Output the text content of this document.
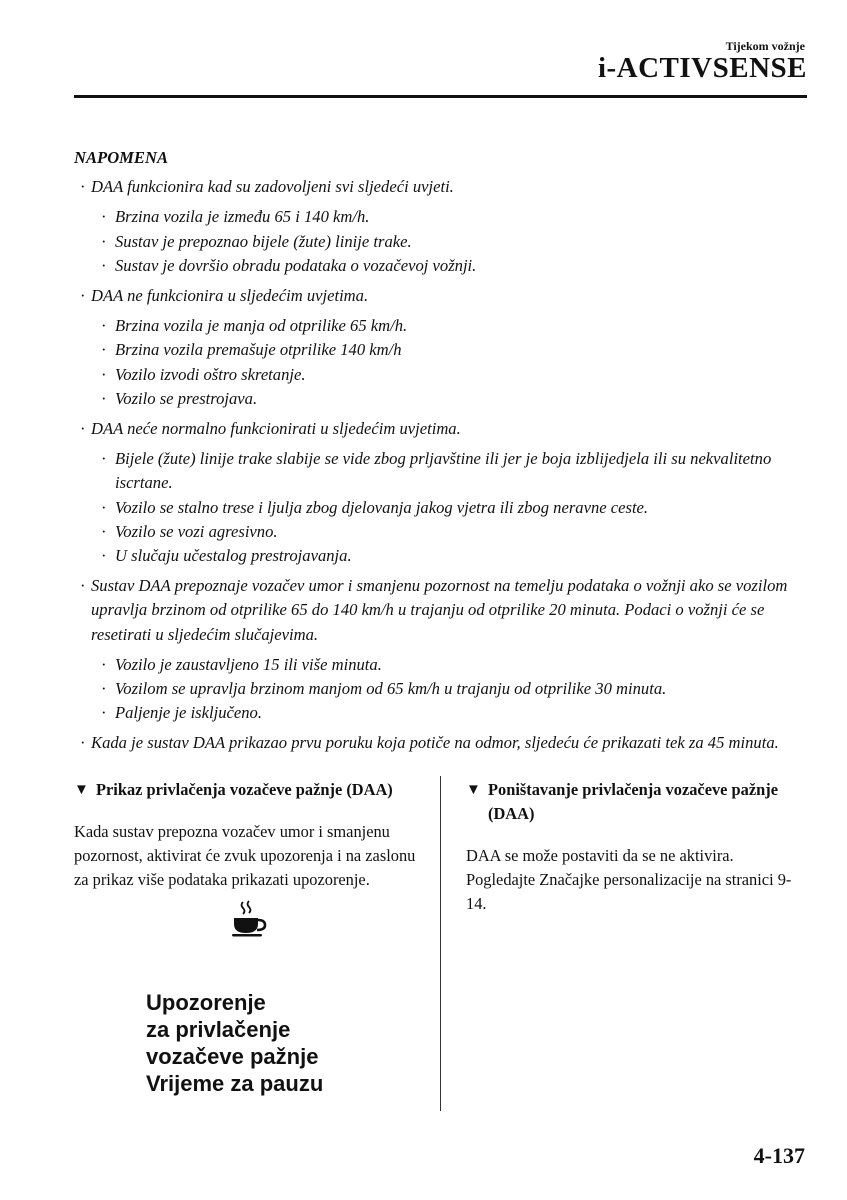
Tijekom vožnje
i-ACTIVSENSE
NAPOMENA
· DAA funkcionira kad su zadovoljeni svi sljedeći uvjeti.
· Brzina vozila je između 65 i 140 km/h.
· Sustav je prepoznao bijele (žute) linije trake.
· Sustav je dovršio obradu podataka o vozačevoj vožnji.
· DAA ne funkcionira u sljedećim uvjetima.
· Brzina vozila je manja od otprilike 65 km/h.
· Brzina vozila premašuje otprilike 140 km/h
· Vozilo izvodi oštro skretanje.
· Vozilo se prestrojava.
· DAA neće normalno funkcionirati u sljedećim uvjetima.
· Bijele (žute) linije trake slabije se vide zbog prljavštine ili jer je boja izblijedjela ili su nekvalitetno iscrtane.
· Vozilo se stalno trese i ljulja zbog djelovanja jakog vjetra ili zbog neravne ceste.
· Vozilo se vozi agresivno.
· U slučaju učestalog prestrojavanja.
· Sustav DAA prepoznaje vozačev umor i smanjenu pozornost na temelju podataka o vožnji ako se vozilom upravlja brzinom od otprilike 65 do 140 km/h u trajanju od otprilike 20 minuta. Podaci o vožnji će se resetirati u sljedećim slučajevima.
· Vozilo je zaustavljeno 15 ili više minuta.
· Vozilom se upravlja brzinom manjom od 65 km/h u trajanju od otprilike 30 minuta.
· Paljenje je isključeno.
· Kada je sustav DAA prikazao prvu poruku koja potiče na odmor, sljedeću će prikazati tek za 45 minuta.
▼ Prikaz privlačenja vozačeve pažnje (DAA)
Kada sustav prepozna vozačev umor i smanjenu pozornost, aktivirat će zvuk upozorenja i na zaslonu za prikaz više podataka prikazati upozorenje.
Upozorenje
za privlačenje
vozačeve pažnje
Vrijeme za pauzu
▼ Poništavanje privlačenja vozačeve pažnje (DAA)
DAA se može postaviti da se ne aktivira. Pogledajte Značajke personalizacije na stranici 9-14.
4-137
